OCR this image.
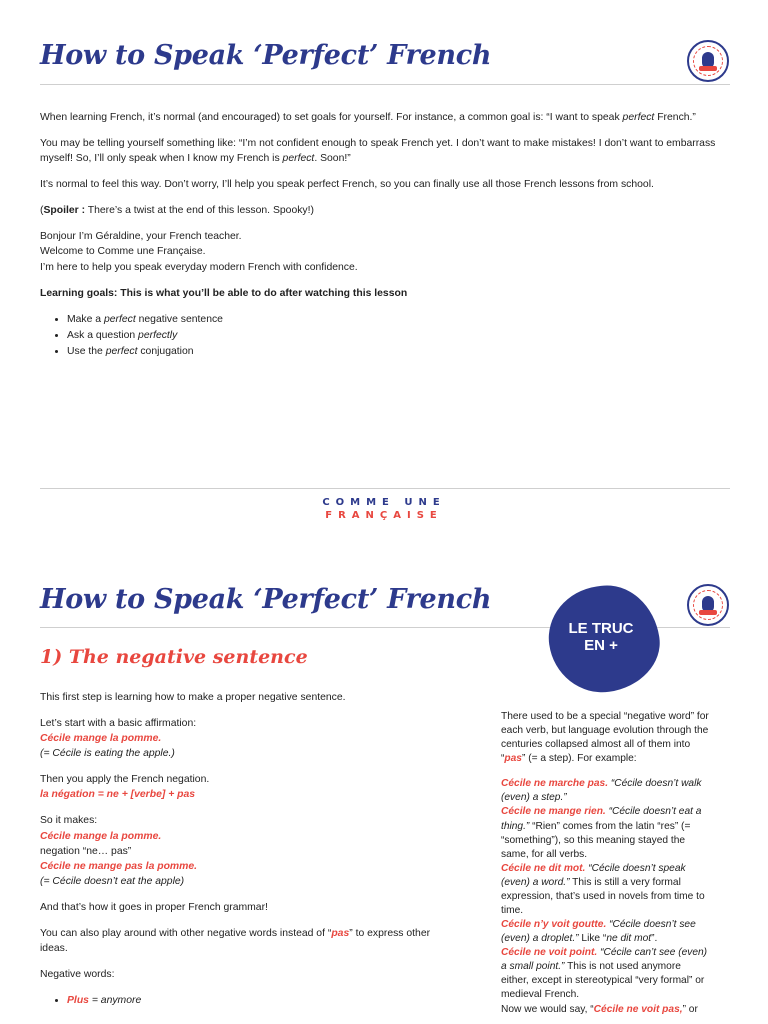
How to Speak ‘Perfect’ French

When learning French, it’s normal (and encouraged) to set goals for yourself. For instance, a common goal is: “I want to speak perfect French.”

You may be telling yourself something like: “I’m not confident enough to speak French yet. I don’t want to make mistakes! I don’t want to embarrass myself! So, I’ll only speak when I know my French is perfect. Soon!”

It’s normal to feel this way. Don’t worry, I’ll help you speak perfect French, so you can finally use all those French lessons from school.

(Spoiler : There’s a twist at the end of this lesson. Spooky!)

Bonjour I’m Géraldine, your French teacher.

Welcome to Comme une Française.

I’m here to help you speak everyday modern French with confidence.

Learning goals: This is what you’ll be able to do after watching this lesson

• Make a perfect negative sentence
• Ask a question perfectly
• Use the perfect conjugation
COMME UNE
FRANÇAISE
How to Speak ‘Perfect’ French
LE TRUC
EN +
1) The negative sentence

This first step is learning how to make a proper negative sentence.

Let’s start with a basic affirmation:
Cécile mange la pomme.
(= Cécile is eating the apple.)

Then you apply the French negation.
la négation = ne + [verbe] + pas

So it makes:
Cécile mange la pomme.
negation “ne… pas”
Cécile ne mange pas la pomme.
(= Cécile doesn’t eat the apple)

And that’s how it goes in proper French grammar!

You can also play around with other negative words instead of “pas” to express other ideas.

Negative words:

• Plus = anymore

There used to be a special “negative word” for each verb, but language evolution through the centuries collapsed almost all of them into “pas” (= a step). For example:

Cécile ne marche pas. “Cécile doesn’t walk (even) a step.”

Cécile ne mange rien. “Cécile doesn’t eat a thing.” “Rien” comes from the latin “res” (= “something”), so this meaning stayed the same, for all verbs.

Cécile ne dit mot. “Cécile doesn’t speak (even) a word.” This is still a very formal expression, that’s used in novels from time to time.

Cécile n’y voit goutte. “Cécile doesn’t see (even) a droplet.” Like “ne dit mot”.

Cécile ne voit point. “Cécile can’t see (even) a small point.” This is not used anymore either, except in stereotypical “very formal” or medieval French.

Now we would say, “Cécile ne voit pas,” or
